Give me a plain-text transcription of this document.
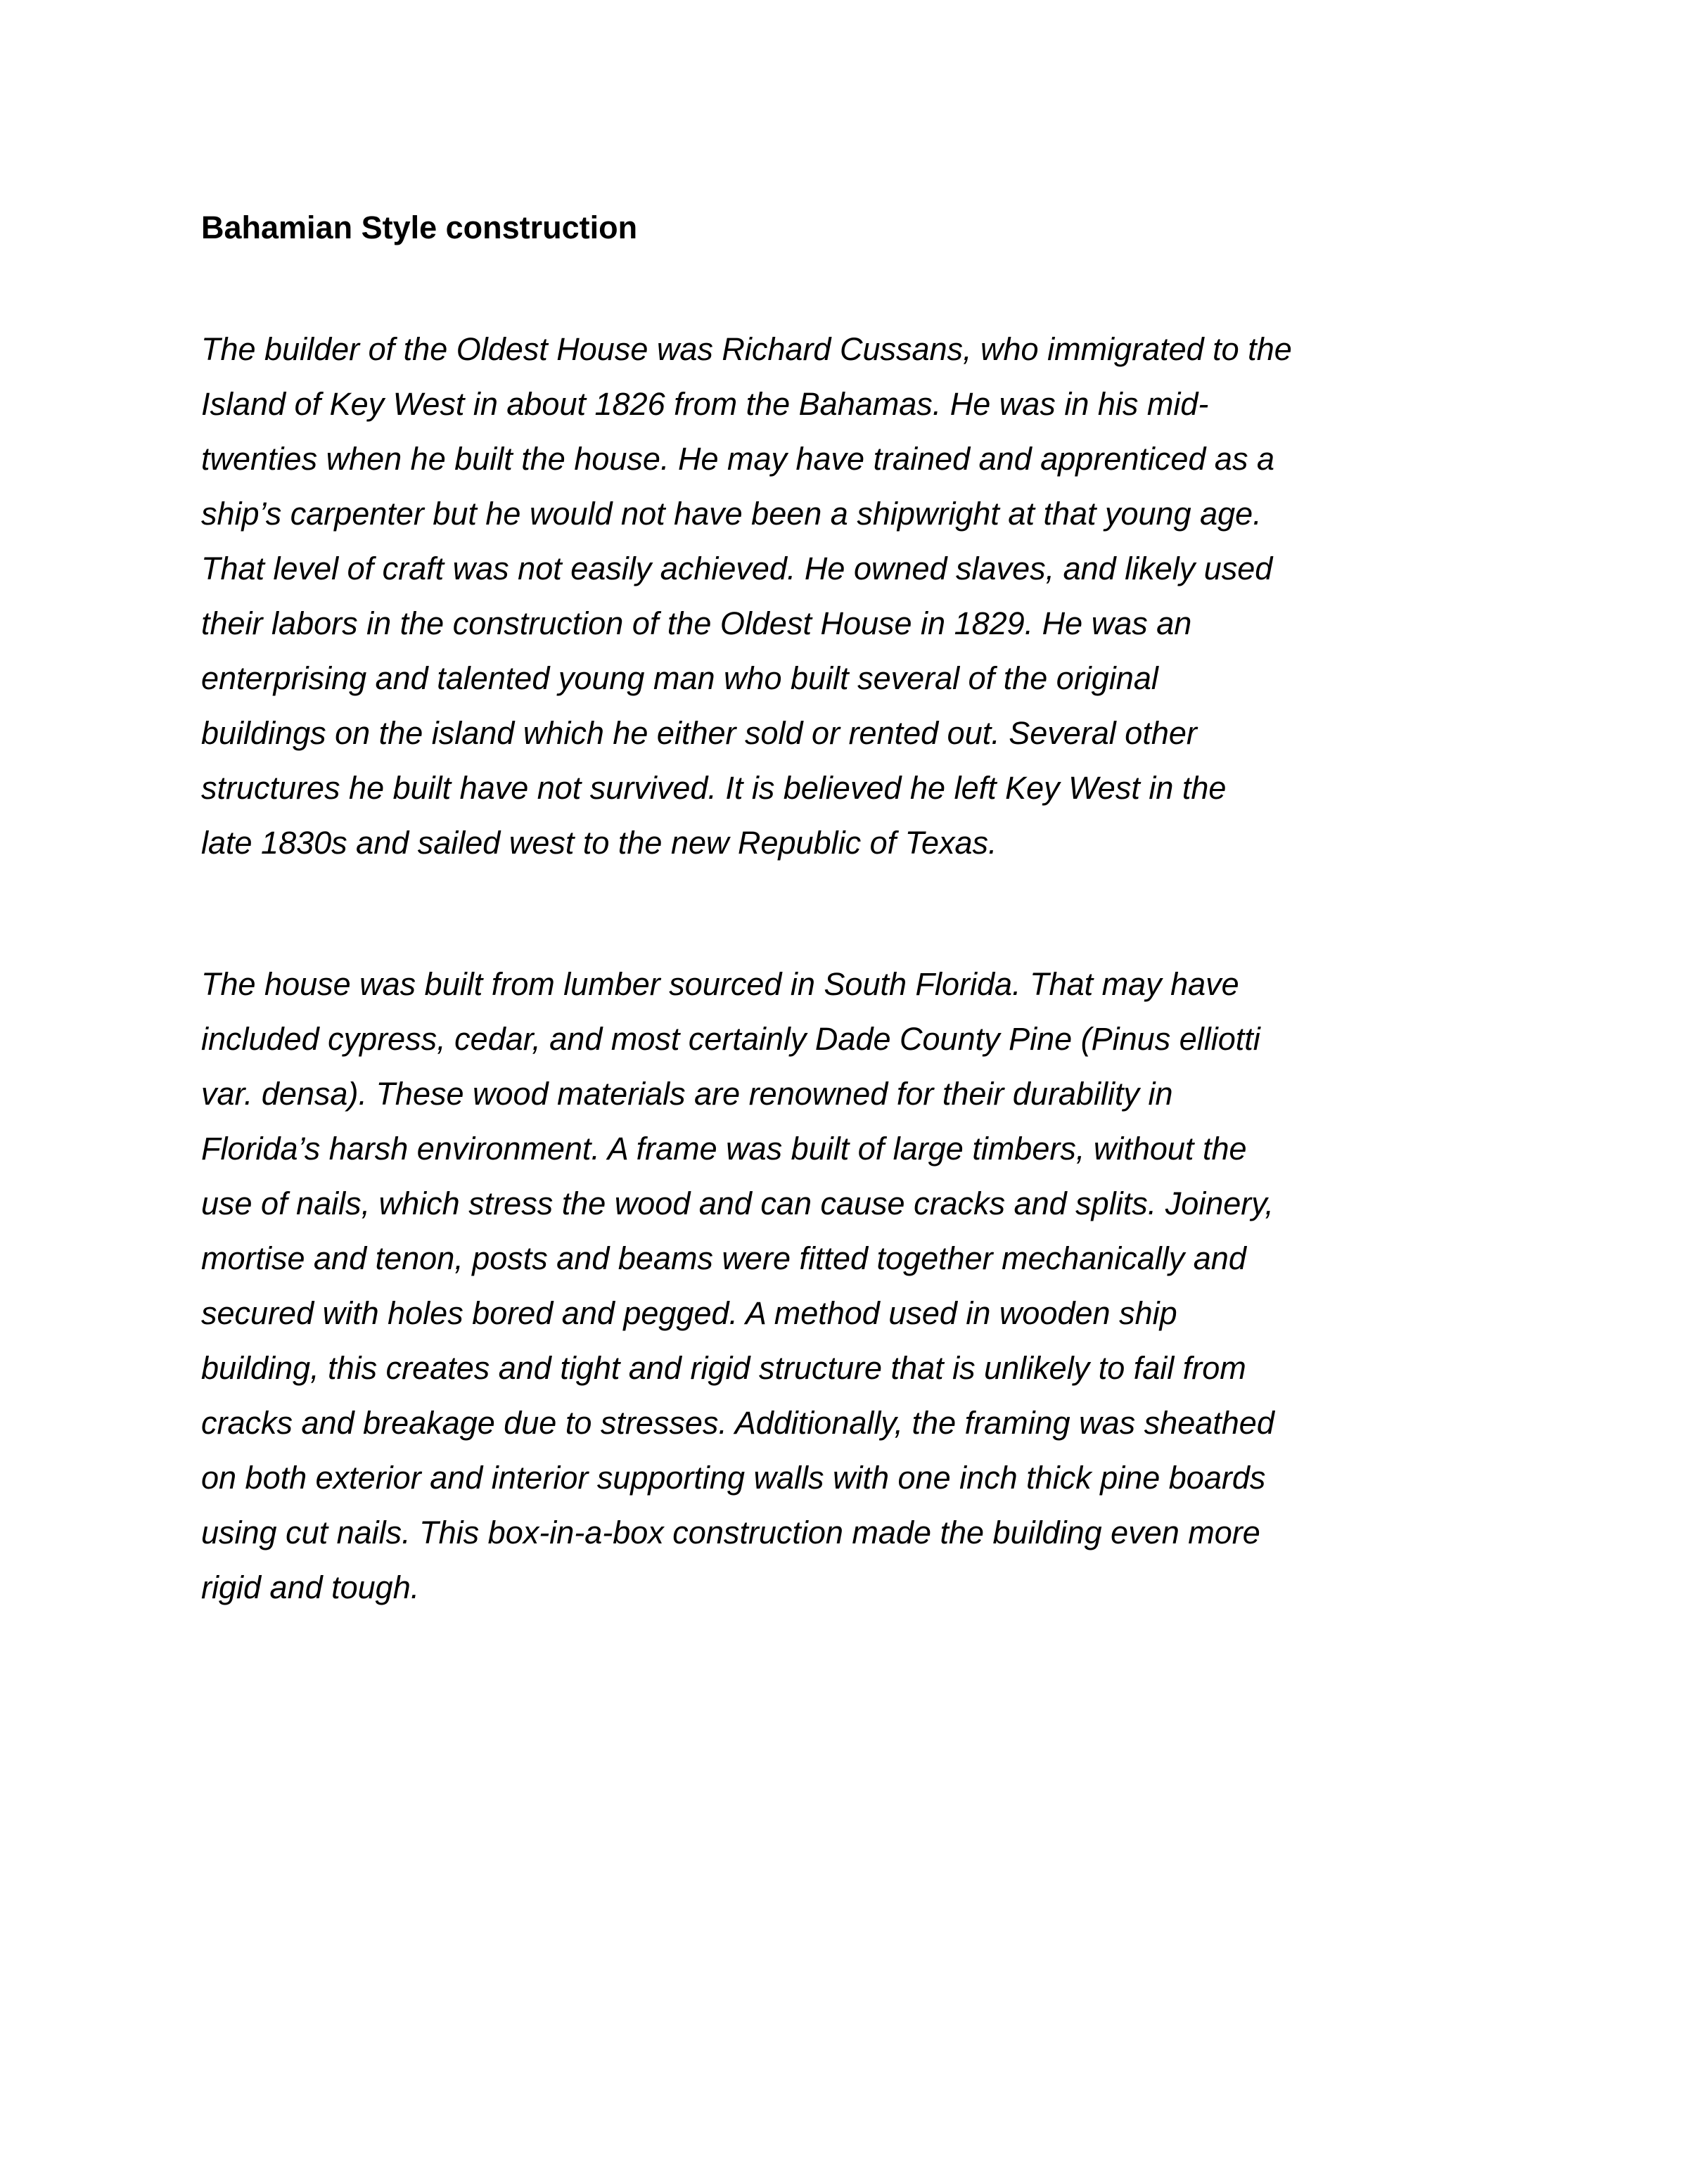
Bahamian Style construction

The builder of the Oldest House was Richard Cussans, who immigrated to the
Island of Key West in about 1826 from the Bahamas. He was in his mid-
twenties when he built the house. He may have trained and apprenticed as a
ship’s carpenter but he would not have been a shipwright at that young age.
That level of craft was not easily achieved. He owned slaves, and likely used
their labors in the construction of the Oldest House in 1829. He was an
enterprising and talented young man who built several of the original
buildings on the island which he either sold or rented out. Several other
structures he built have not survived. It is believed he left Key West in the
late 1830s and sailed west to the new Republic of Texas.

The house was built from lumber sourced in South Florida. That may have
included cypress, cedar, and most certainly Dade County Pine (Pinus elliotti
var. densa). These wood materials are renowned for their durability in
Florida’s harsh environment. A frame was built of large timbers, without the
use of nails, which stress the wood and can cause cracks and splits. Joinery,
mortise and tenon, posts and beams were fitted together mechanically and
secured with holes bored and pegged. A method used in wooden ship
building, this creates and tight and rigid structure that is unlikely to fail from
cracks and breakage due to stresses. Additionally, the framing was sheathed
on both exterior and interior supporting walls with one inch thick pine boards
using cut nails. This box-in-a-box construction made the building even more
rigid and tough.
